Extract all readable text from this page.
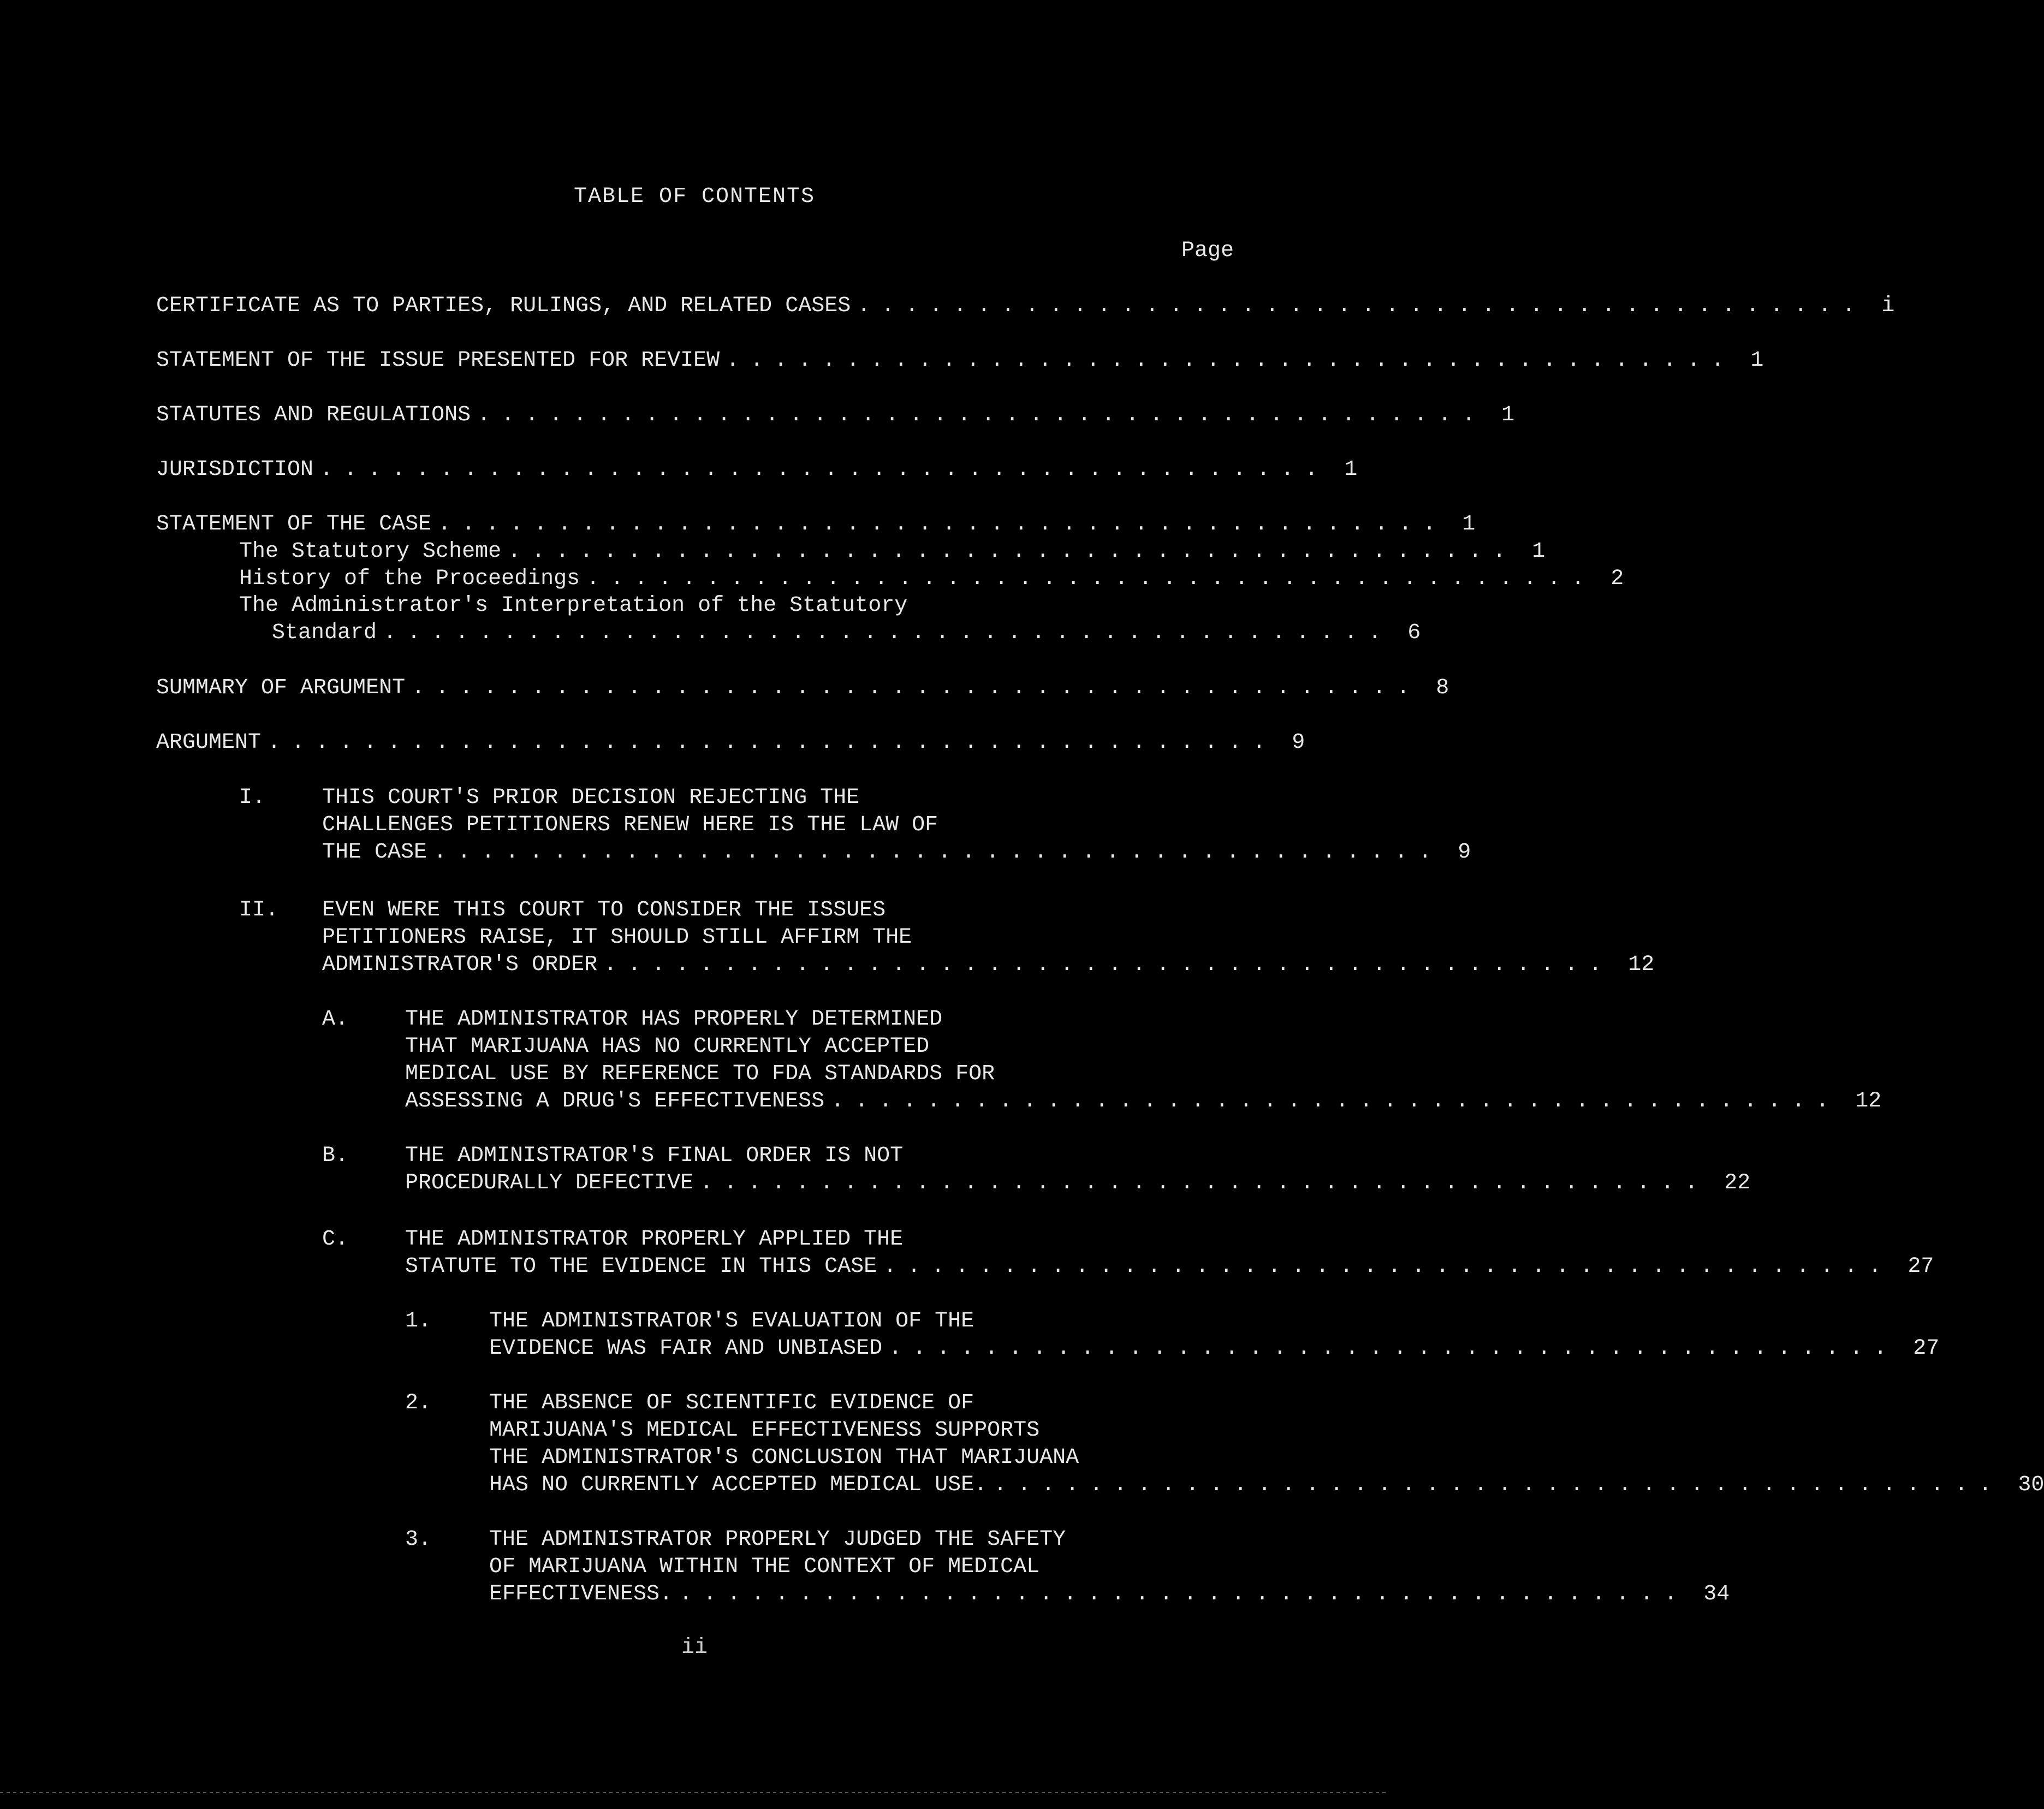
TABLE OF CONTENTS
Page
CERTIFICATE AS TO PARTIES, RULINGS, AND RELATED CASES .......................................... i
STATEMENT OF THE ISSUE PRESENTED FOR REVIEW .......................................... 1
STATUTES AND REGULATIONS .......................................... 1
JURISDICTION .......................................... 1
STATEMENT OF THE CASE .......................................... 1
The Statutory Scheme .......................................... 1
History of the Proceedings .......................................... 2
The Administrator's Interpretation of the Statutory
Standard .......................................... 6
SUMMARY OF ARGUMENT .......................................... 8
ARGUMENT .......................................... 9
I.	THIS COURT'S PRIOR DECISION REJECTING THE
CHALLENGES PETITIONERS RENEW HERE IS THE LAW OF
THE CASE .......................................... 9
II. EVEN WERE THIS COURT TO CONSIDER THE ISSUES
PETITIONERS RAISE, IT SHOULD STILL AFFIRM THE
ADMINISTRATOR'S ORDER .......................................... 12
A.	THE ADMINISTRATOR HAS PROPERLY DETERMINED
THAT MARIJUANA HAS NO CURRENTLY ACCEPTED
MEDICAL USE BY REFERENCE TO FDA STANDARDS FOR
ASSESSING A DRUG'S EFFECTIVENESS .......................................... 12
B.	THE ADMINISTRATOR'S FINAL ORDER IS NOT
PROCEDURALLY DEFECTIVE .......................................... 22
C.	THE ADMINISTRATOR PROPERLY APPLIED THE
STATUTE TO THE EVIDENCE IN THIS CASE .......................................... 27
1.	THE ADMINISTRATOR'S EVALUATION OF THE
EVIDENCE WAS FAIR AND UNBIASED .......................................... 27
2.	THE ABSENCE OF SCIENTIFIC EVIDENCE OF
MARIJUANA'S MEDICAL EFFECTIVENESS SUPPORTS
THE ADMINISTRATOR'S CONCLUSION THAT MARIJUANA
HAS NO CURRENTLY ACCEPTED MEDICAL USE. .......................................... 30
3.	THE ADMINISTRATOR PROPERLY JUDGED THE SAFETY
OF MARIJUANA WITHIN THE CONTEXT OF MEDICAL
EFFECTIVENESS. .......................................... 34
ii
